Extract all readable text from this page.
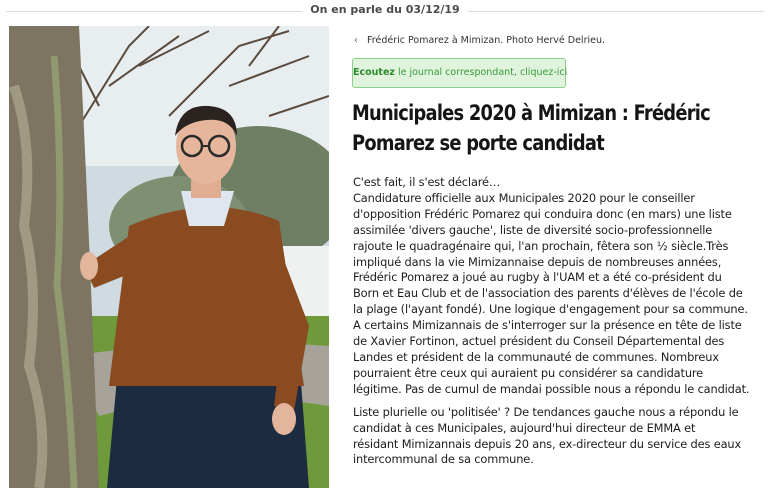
On en parle du 03/12/19
‹ Frédéric Pomarez à Mimizan. Photo Hervé Delrieu.
Ecoutez le journal correspondant, cliquez-ici
Municipales 2020 à Mimizan : Frédéric
Pomarez se porte candidat
C'est fait, il s'est déclaré…
Candidature officielle aux Municipales 2020 pour le conseiller
d'opposition Frédéric Pomarez qui conduira donc (en mars) une liste
assimilée 'divers gauche', liste de diversité socio-professionnelle
rajoute le quadragénaire qui, l'an prochain, fêtera son ½ siècle.Très
impliqué dans la vie Mimizannaise depuis de nombreuses années,
Frédéric Pomarez a joué au rugby à l'UAM et a été co-président du
Born et Eau Club et de l'association des parents d'élèves de l'école de
la plage (l'ayant fondé). Une logique d'engagement pour sa commune.
A certains Mimizannais de s'interroger sur la présence en tête de liste
de Xavier Fortinon, actuel président du Conseil Départemental des
Landes et président de la communauté de communes. Nombreux
pourraient être ceux qui auraient pu considérer sa candidature
légitime. Pas de cumul de mandai possible nous a répondu le candidat.
Liste plurielle ou 'politisée' ? De tendances gauche nous a répondu le
candidat à ces Municipales, aujourd'hui directeur de EMMA et
résidant Mimizannais depuis 20 ans, ex-directeur du service des eaux
intercommunal de sa commune.
